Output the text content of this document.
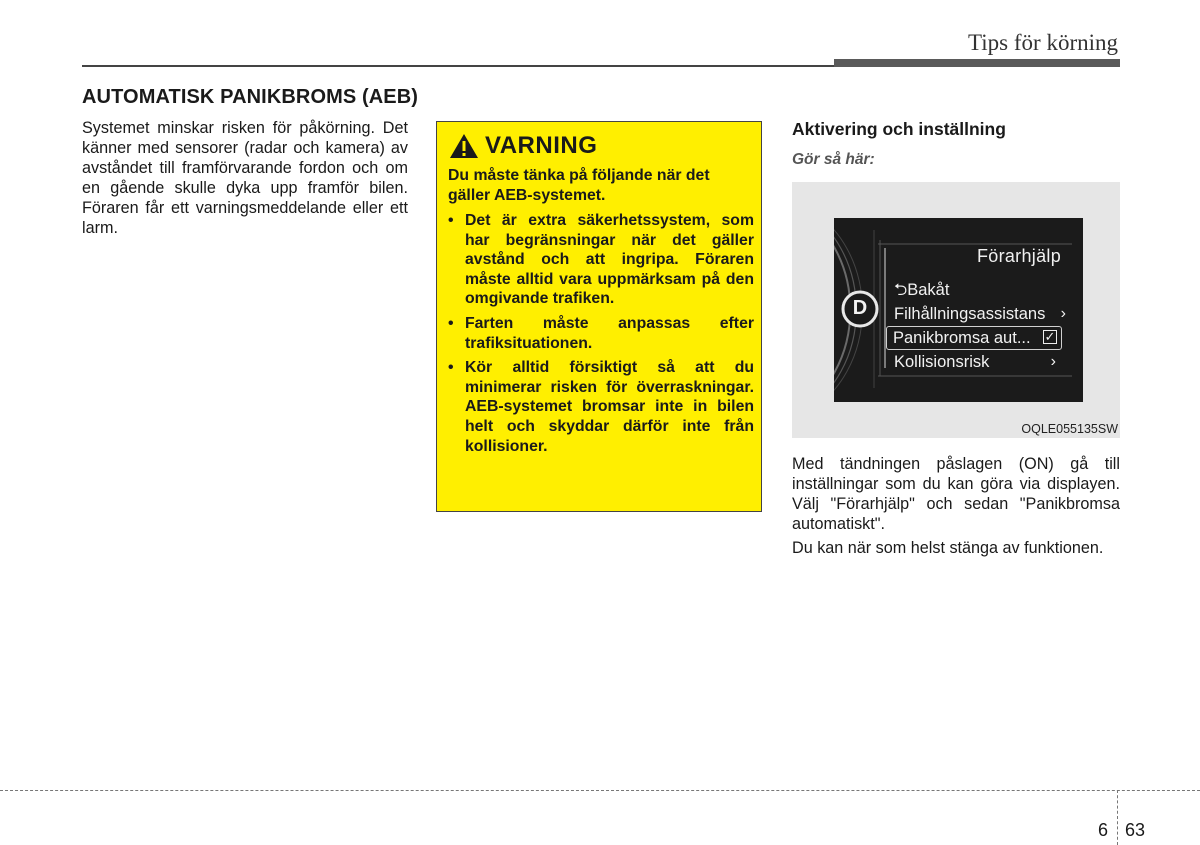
Tips för körning
AUTOMATISK PANIKBROMS (AEB)

Systemet minskar risken för påkörning. Det känner med sensorer (radar och kamera) av avståndet till framförvarande fordon och om en gående skulle dyka upp framför bilen. Föraren får ett varningsmeddelande eller ett larm.

VARNING

Du måste tänka på följande när det gäller AEB-systemet.

• Det är extra säkerhetssystem, som har begränsningar när det gäller avstånd och att ingripa. Föraren måste alltid vara uppmärksam på den omgivande trafiken.
• Farten måste anpassas efter trafiksituationen.
• Kör alltid försiktigt så att du minimerar risken för överraskningar. AEB-systemet bromsar inte in bilen helt och skyddar därför inte från kollisioner.
Aktivering och inställning
Gör så här:
D
Förarhjälp
⮌Bakåt
Filhållningsassistans ›
Panikbromsa aut... ✓
Kollisionsrisk	›
OQLE055135SW

Med tändningen påslagen (ON) gå till inställningar som du kan göra via displayen. Välj "Förarhjälp" och sedan "Panikbromsa automatiskt".

Du kan när som helst stänga av funktionen.

6 63
